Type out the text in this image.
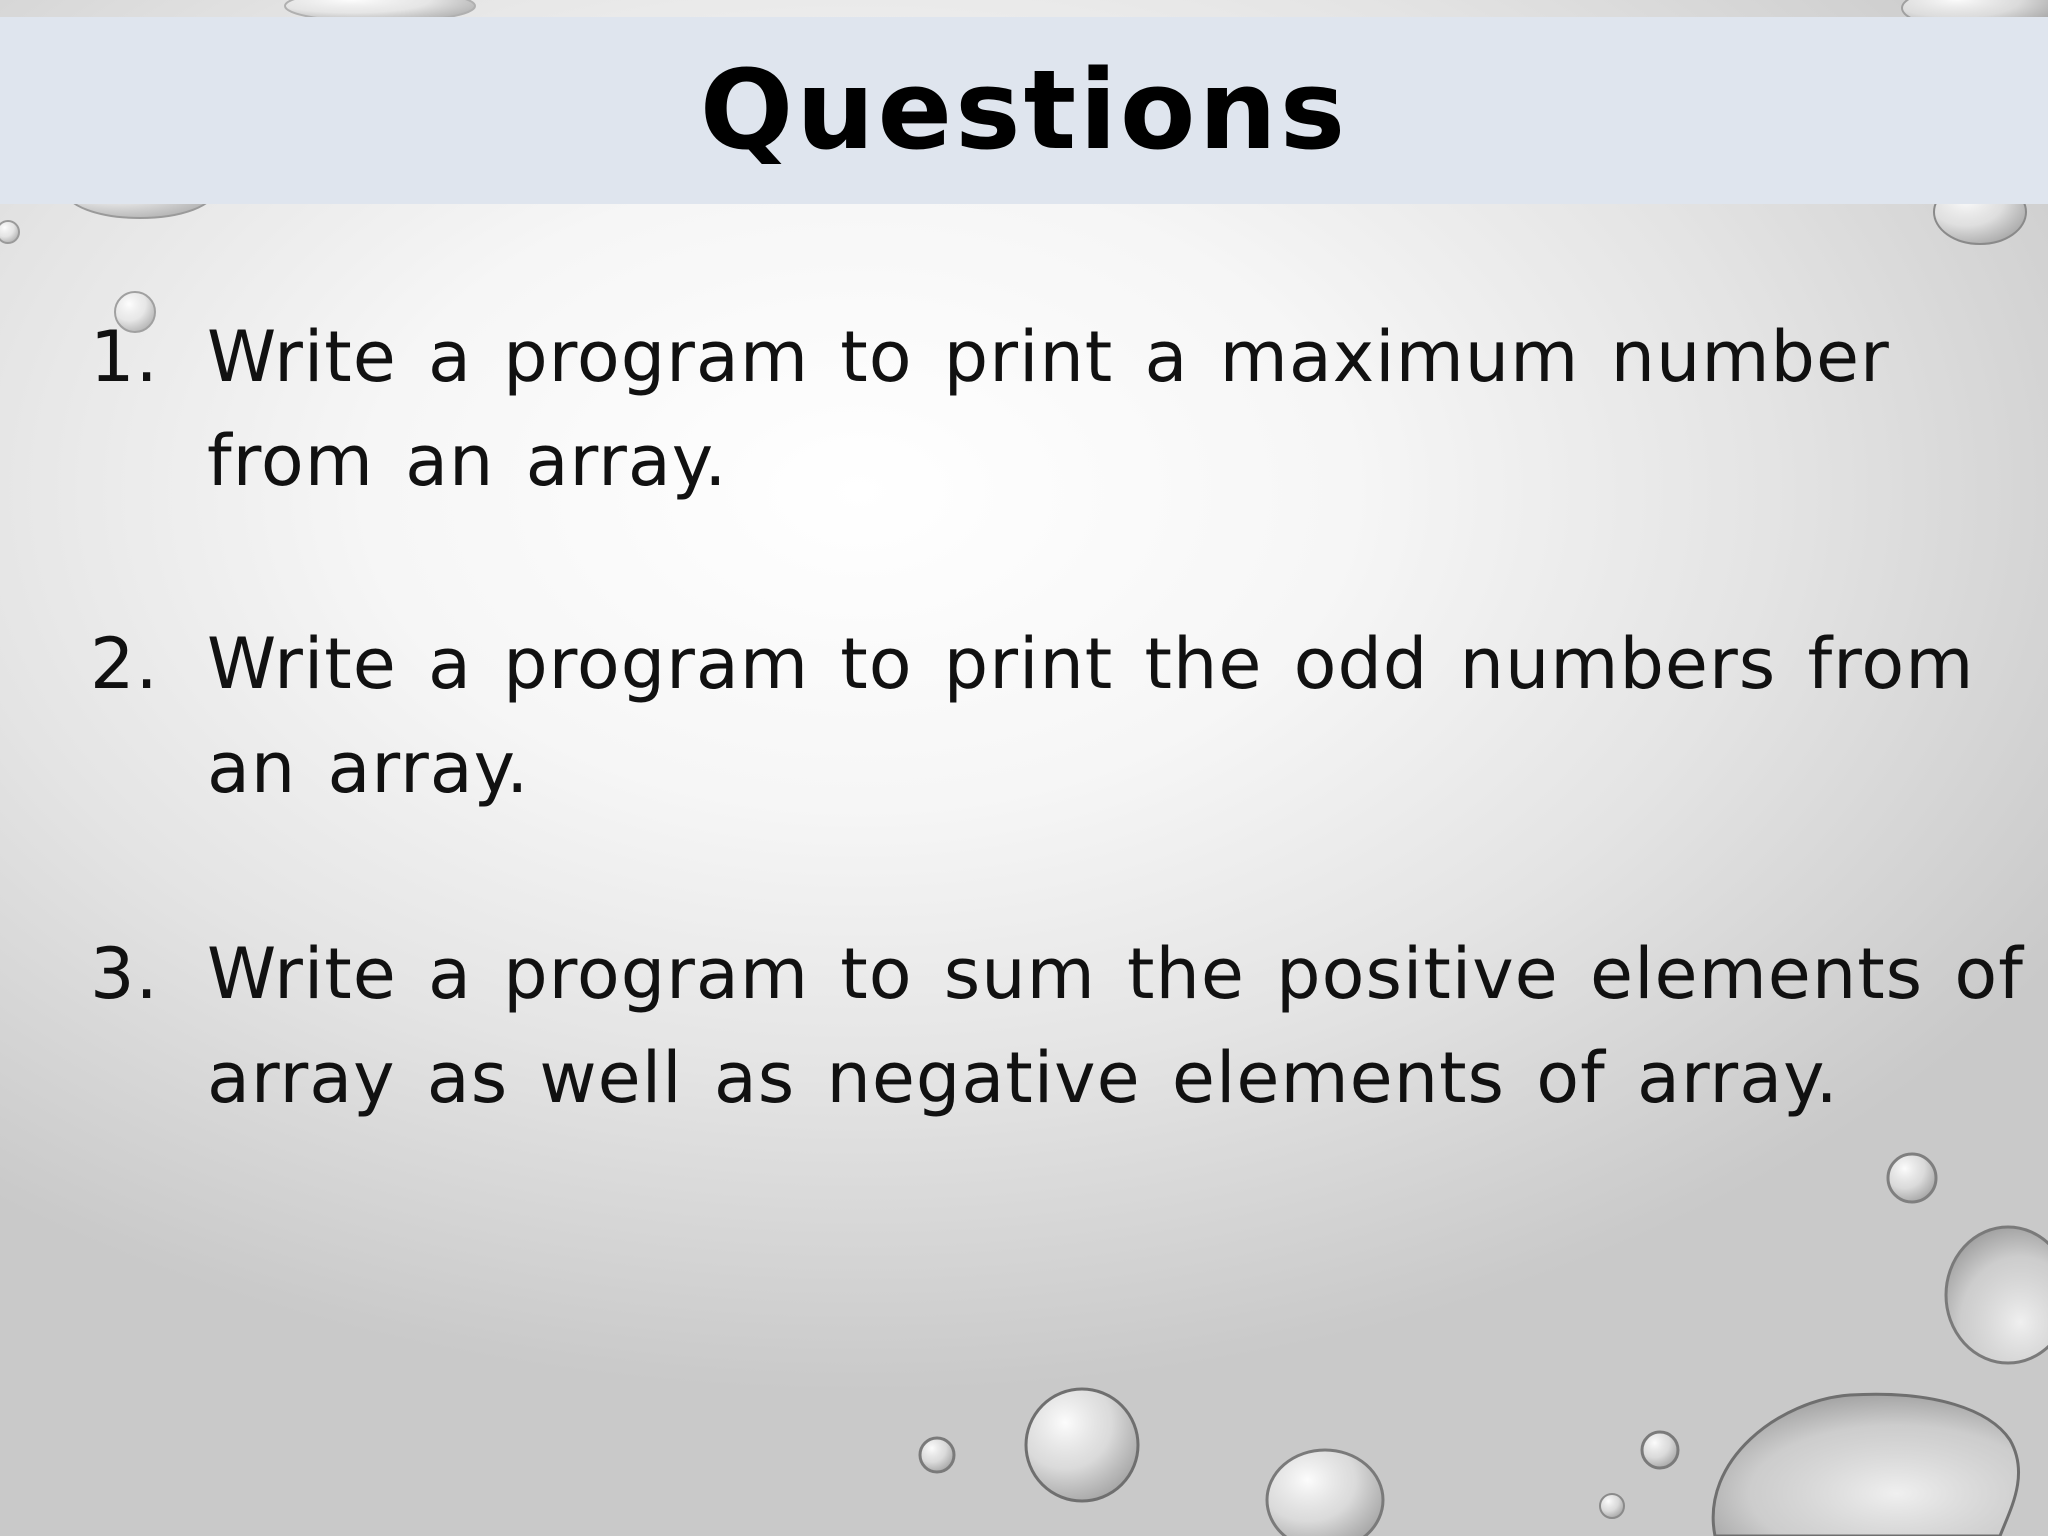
Questions
1. Write a program to print a maximum number from an array.
2. Write a program to print the odd numbers from an array.
3. Write a program to sum the positive elements of array as well as negative elements of array.
